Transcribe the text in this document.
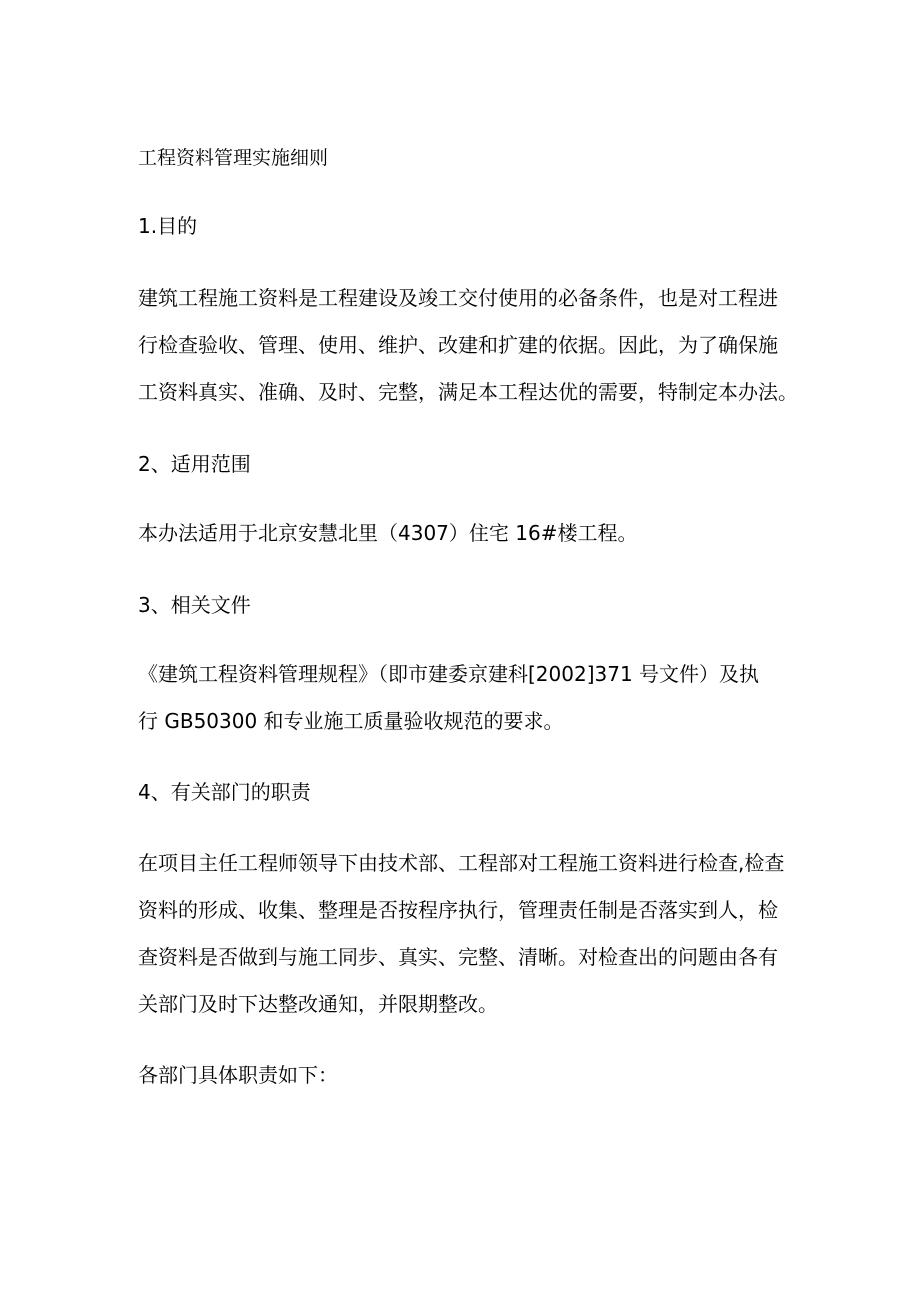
工程资料管理实施细则

1.目的

建筑工程施工资料是工程建设及竣工交付使用的必备条件，也是对工程进

行检查验收、管理、使用、维护、改建和扩建的依据。因此，为了确保施

工资料真实、准确、及时、完整，满足本工程达优的需要，特制定本办法。

2、适用范围

本办法适用于北京安慧北里（4307）住宅 16#楼工程。

3、相关文件

《建筑工程资料管理规程》（即市建委京建科[2002]371 号文件）及执

行 GB50300 和专业施工质量验收规范的要求。

4、有关部门的职责

在项目主任工程师领导下由技术部、工程部对工程施工资料进行检查,检查

资料的形成、收集、整理是否按程序执行，管理责任制是否落实到人，检

查资料是否做到与施工同步、真实、完整、清晰。对检查出的问题由各有

关部门及时下达整改通知，并限期整改。

各部门具体职责如下：
